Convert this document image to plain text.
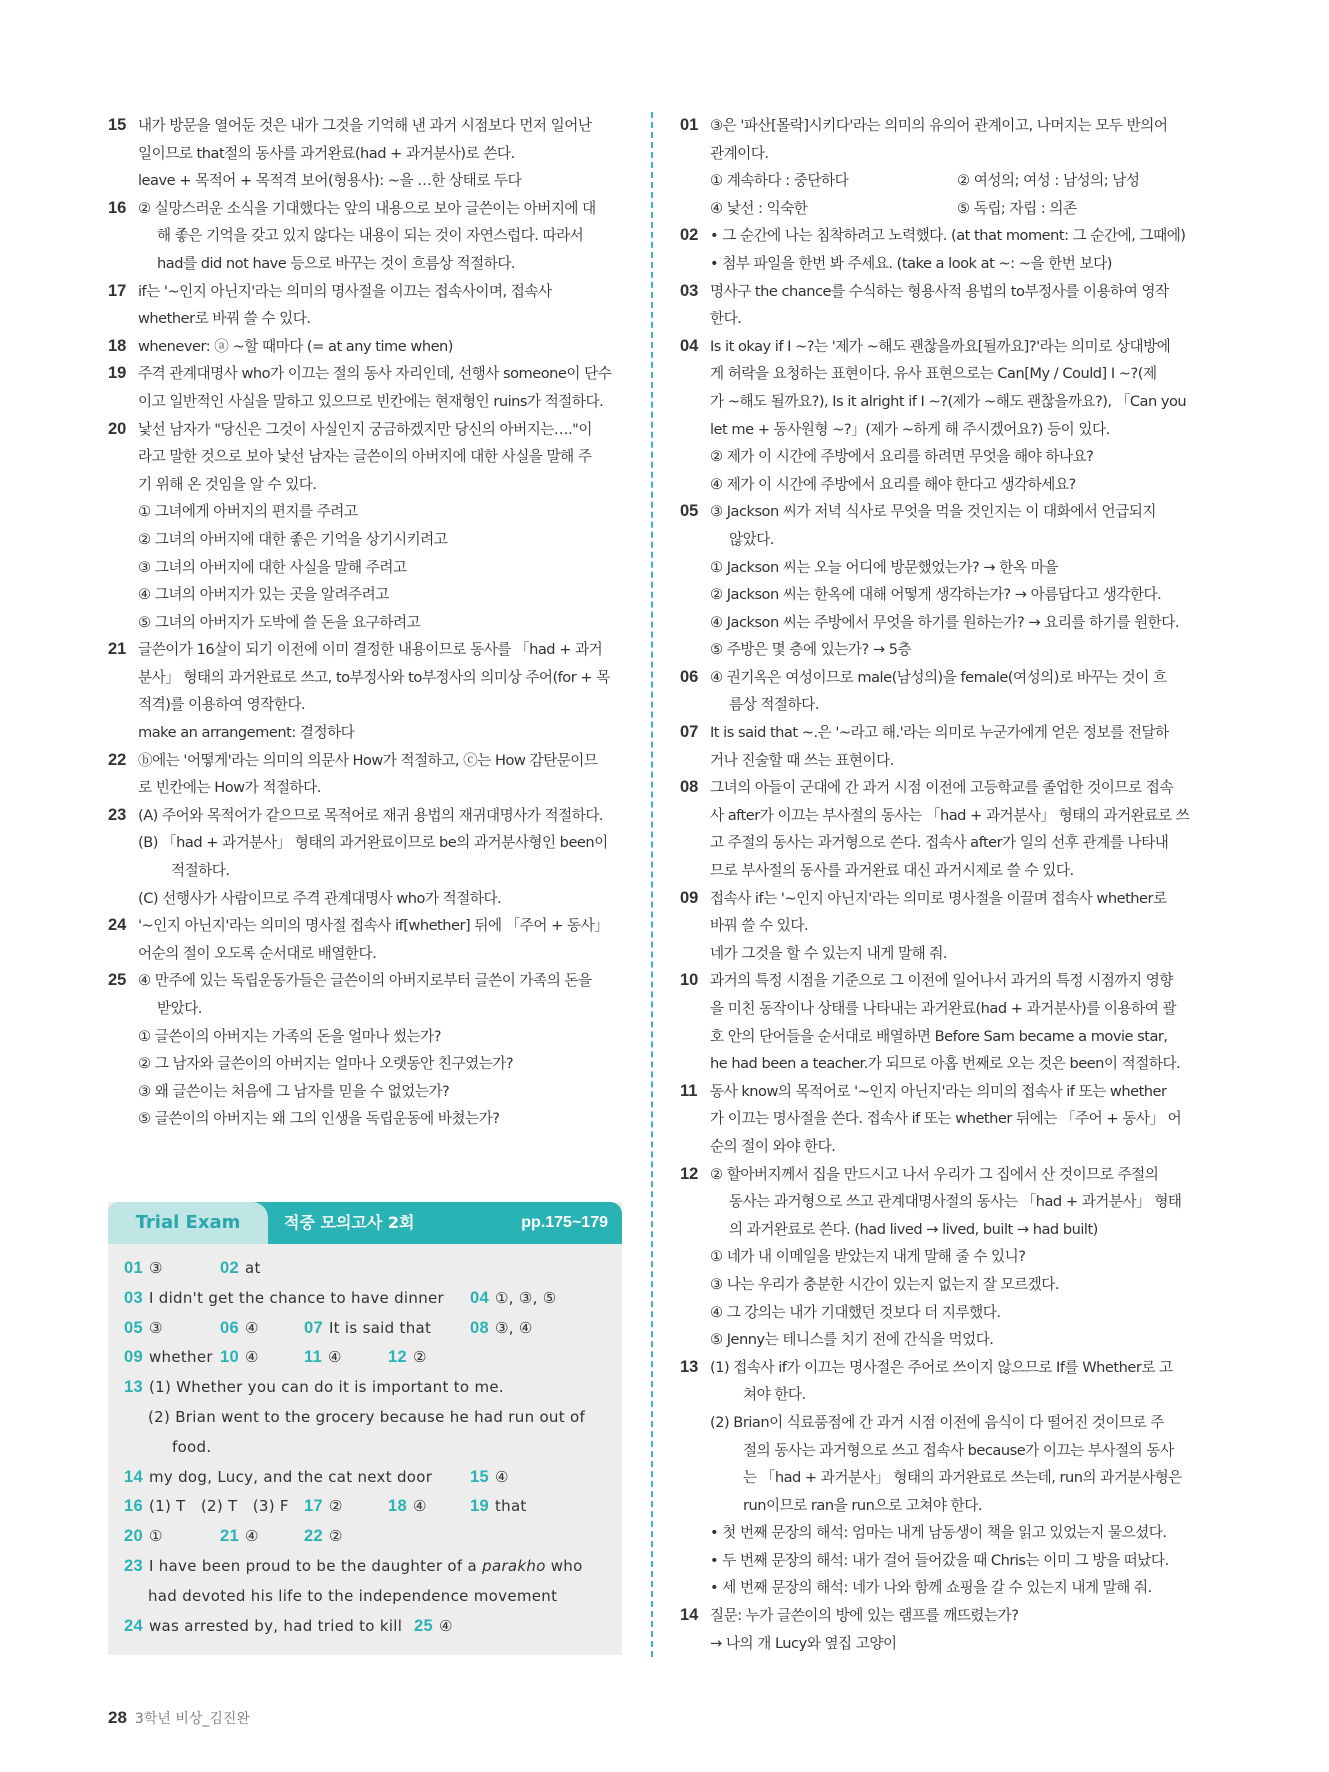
15 내가 방문을 열어둔 것은 내가 그것을 기억해 낸 과거 시점보다 먼저 일어난
일이므로 that절의 동사를 과거완료(had + 과거분사)로 쓴다.
leave + 목적어 + 목적격 보어(형용사): ~을 …한 상태로 두다
16 ② 실망스러운 소식을 기대했다는 앞의 내용으로 보아 글쓴이는 아버지에 대
해 좋은 기억을 갖고 있지 않다는 내용이 되는 것이 자연스럽다. 따라서
had를 did not have 등으로 바꾸는 것이 흐름상 적절하다.
17 if는 '~인지 아닌지'라는 의미의 명사절을 이끄는 접속사이며, 접속사
whether로 바꿔 쓸 수 있다.
18 whenever: ⓐ ~할 때마다 (= at any time when)
19 주격 관계대명사 who가 이끄는 절의 동사 자리인데, 선행사 someone이 단수
이고 일반적인 사실을 말하고 있으므로 빈칸에는 현재형인 ruins가 적절하다.
20 낯선 남자가 "당신은 그것이 사실인지 궁금하겠지만 당신의 아버지는…."이
라고 말한 것으로 보아 낯선 남자는 글쓴이의 아버지에 대한 사실을 말해 주
기 위해 온 것임을 알 수 있다.
① 그녀에게 아버지의 편지를 주려고
② 그녀의 아버지에 대한 좋은 기억을 상기시키려고
③ 그녀의 아버지에 대한 사실을 말해 주려고
④ 그녀의 아버지가 있는 곳을 알려주려고
⑤ 그녀의 아버지가 도박에 쓸 돈을 요구하려고
21 글쓴이가 16살이 되기 이전에 이미 결정한 내용이므로 동사를 「had + 과거
분사」 형태의 과거완료로 쓰고, to부정사와 to부정사의 의미상 주어(for + 목
적격)를 이용하여 영작한다.
make an arrangement: 결정하다
22 ⓑ에는 '어떻게'라는 의미의 의문사 How가 적절하고, ⓒ는 How 감탄문이므
로 빈칸에는 How가 적절하다.
23 (A) 주어와 목적어가 같으므로 목적어로 재귀 용법의 재귀대명사가 적절하다.
(B) 「had + 과거분사」 형태의 과거완료이므로 be의 과거분사형인 been이
적절하다.
(C) 선행사가 사람이므로 주격 관계대명사 who가 적절하다.
24 '~인지 아닌지'라는 의미의 명사절 접속사 if[whether] 뒤에 「주어 + 동사」
어순의 절이 오도록 순서대로 배열한다.
25 ④ 만주에 있는 독립운동가들은 글쓴이의 아버지로부터 글쓴이 가족의 돈을
받았다.
① 글쓴이의 아버지는 가족의 돈을 얼마나 썼는가?
② 그 남자와 글쓴이의 아버지는 얼마나 오랫동안 친구였는가?
③ 왜 글쓴이는 처음에 그 남자를 믿을 수 없었는가?
⑤ 글쓴이의 아버지는 왜 그의 인생을 독립운동에 바쳤는가?
01 ③은 '파산[몰락]시키다'라는 의미의 유의어 관계이고, 나머지는 모두 반의어
관계이다.
① 계속하다 : 중단하다	② 여성의; 여성 : 남성의; 남성
④ 낯선 : 익숙한	⑤ 독립; 자립 : 의존
02 • 그 순간에 나는 침착하려고 노력했다. (at that moment: 그 순간에, 그때에)
• 첨부 파일을 한번 봐 주세요. (take a look at ~: ~을 한번 보다)
03 명사구 the chance를 수식하는 형용사적 용법의 to부정사를 이용하여 영작
한다.
04 Is it okay if I ~?는 '제가 ~해도 괜찮을까요[될까요]?'라는 의미로 상대방에
게 허락을 요청하는 표현이다. 유사 표현으로는 Can[My / Could] I ~?(제
가 ~해도 될까요?), Is it alright if I ~?(제가 ~해도 괜찮을까요?), 「Can you
let me + 동사원형 ~?」(제가 ~하게 해 주시겠어요?) 등이 있다.
② 제가 이 시간에 주방에서 요리를 하려면 무엇을 해야 하나요?
④ 제가 이 시간에 주방에서 요리를 해야 한다고 생각하세요?
05 ③ Jackson 씨가 저녁 식사로 무엇을 먹을 것인지는 이 대화에서 언급되지
않았다.
① Jackson 씨는 오늘 어디에 방문했었는가? → 한옥 마을
② Jackson 씨는 한옥에 대해 어떻게 생각하는가? → 아름답다고 생각한다.
④ Jackson 씨는 주방에서 무엇을 하기를 원하는가? → 요리를 하기를 원한다.
⑤ 주방은 몇 층에 있는가? → 5층
06 ④ 권기옥은 여성이므로 male(남성의)을 female(여성의)로 바꾸는 것이 흐
름상 적절하다.
07 It is said that ~.은 '~라고 해.'라는 의미로 누군가에게 얻은 정보를 전달하
거나 진술할 때 쓰는 표현이다.
08 그녀의 아들이 군대에 간 과거 시점 이전에 고등학교를 졸업한 것이므로 접속
사 after가 이끄는 부사절의 동사는 「had + 과거분사」 형태의 과거완료로 쓰
고 주절의 동사는 과거형으로 쓴다. 접속사 after가 일의 선후 관계를 나타내
므로 부사절의 동사를 과거완료 대신 과거시제로 쓸 수 있다.
09 접속사 if는 '~인지 아닌지'라는 의미로 명사절을 이끌며 접속사 whether로
바꿔 쓸 수 있다.
네가 그것을 할 수 있는지 내게 말해 줘.
10 과거의 특정 시점을 기준으로 그 이전에 일어나서 과거의 특정 시점까지 영향
을 미친 동작이나 상태를 나타내는 과거완료(had + 과거분사)를 이용하여 괄
호 안의 단어들을 순서대로 배열하면 Before Sam became a movie star,
he had been a teacher.가 되므로 아홉 번째로 오는 것은 been이 적절하다.
11 동사 know의 목적어로 '~인지 아닌지'라는 의미의 접속사 if 또는 whether
가 이끄는 명사절을 쓴다. 접속사 if 또는 whether 뒤에는 「주어 + 동사」 어
순의 절이 와야 한다.
12 ② 할아버지께서 집을 만드시고 나서 우리가 그 집에서 산 것이므로 주절의
동사는 과거형으로 쓰고 관계대명사절의 동사는 「had + 과거분사」 형태
의 과거완료로 쓴다. (had lived → lived, built → had built)
① 네가 내 이메일을 받았는지 내게 말해 줄 수 있니?
③ 나는 우리가 충분한 시간이 있는지 없는지 잘 모르겠다.
④ 그 강의는 내가 기대했던 것보다 더 지루했다.
⑤ Jenny는 테니스를 치기 전에 간식을 먹었다.
13 (1) 접속사 if가 이끄는 명사절은 주어로 쓰이지 않으므로 If를 Whether로 고
쳐야 한다.
(2) Brian이 식료품점에 간 과거 시점 이전에 음식이 다 떨어진 것이므로 주
절의 동사는 과거형으로 쓰고 접속사 because가 이끄는 부사절의 동사
는 「had + 과거분사」 형태의 과거완료로 쓰는데, run의 과거분사형은
run이므로 ran을 run으로 고쳐야 한다.
• 첫 번째 문장의 해석: 엄마는 내게 남동생이 책을 읽고 있었는지 물으셨다.
• 두 번째 문장의 해석: 내가 걸어 들어갔을 때 Chris는 이미 그 방을 떠났다.
• 세 번째 문장의 해석: 네가 나와 함께 쇼핑을 갈 수 있는지 내게 말해 줘.
14 질문: 누가 글쓴이의 방에 있는 램프를 깨뜨렸는가?
→ 나의 개 Lucy와 옆집 고양이
Trial Exam	적중 모의고사 2회	pp.175~179
01 ③	02 at
03 I didn't get the chance to have dinner 04 ①, ③, ⑤
05 ③	06 ④	07 It is said that 08 ③, ④
09 whether 10 ④	11 ④	12 ②
13 (1) Whether you can do it is important to me.
(2) Brian went to the grocery because he had run out of
food.
14 my dog, Lucy, and the cat next door 15 ④
16 (1) T   (2) T   (3) F 17 ②	18 ④	19 that
20 ①	21 ④	22 ②
23 I have been proud to be the daughter of a parakho who
had devoted his life to the independence movement
24 was arrested by, had tried to kill 25 ④
28 3학년 비상_김진완
